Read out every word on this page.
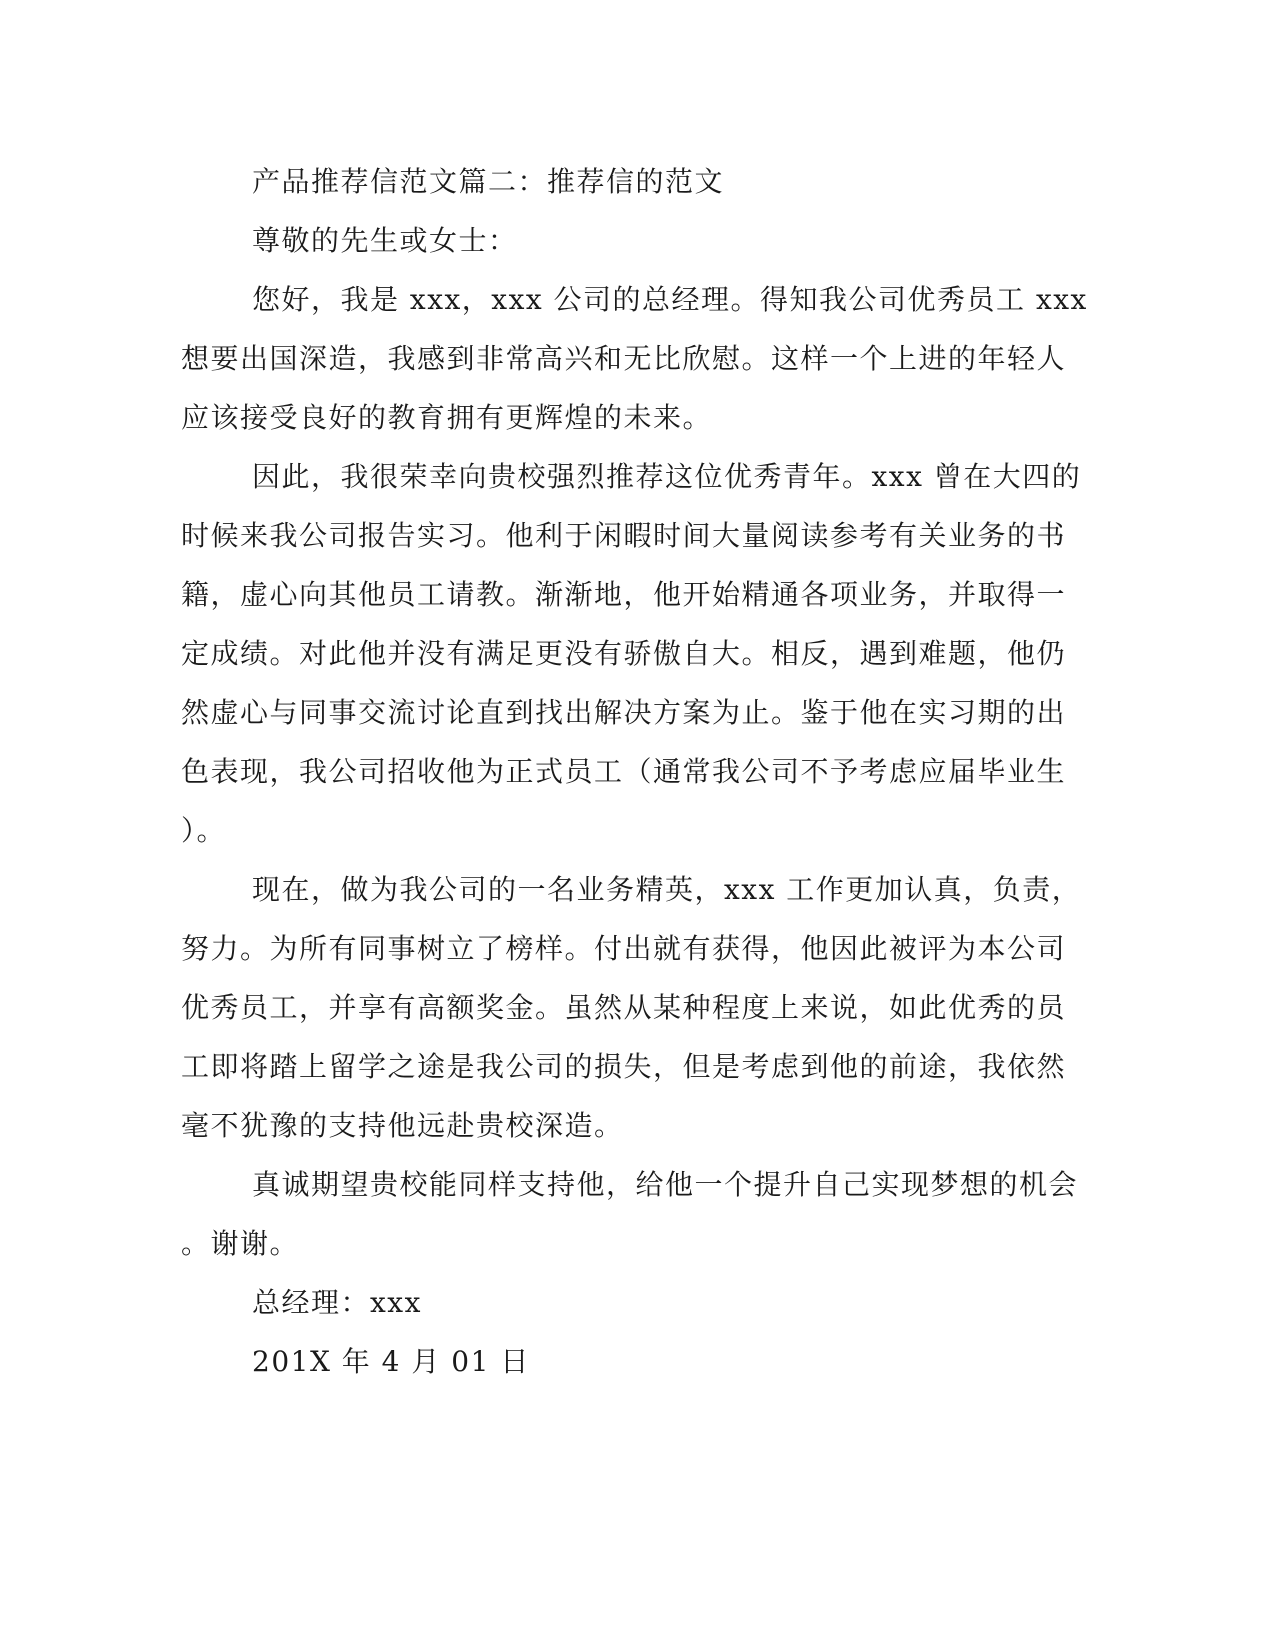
产品推荐信范文篇二：推荐信的范文
尊敬的先生或女士：
您好，我是 xxx，xxx 公司的总经理。得知我公司优秀员工 xxx
想要出国深造，我感到非常高兴和无比欣慰。这样一个上进的年轻人
应该接受良好的教育拥有更辉煌的未来。
因此，我很荣幸向贵校强烈推荐这位优秀青年。xxx 曾在大四的
时候来我公司报告实习。他利于闲暇时间大量阅读参考有关业务的书
籍，虚心向其他员工请教。渐渐地，他开始精通各项业务，并取得一
定成绩。对此他并没有满足更没有骄傲自大。相反，遇到难题，他仍
然虚心与同事交流讨论直到找出解决方案为止。鉴于他在实习期的出
色表现，我公司招收他为正式员工（通常我公司不予考虑应届毕业生
）。
现在，做为我公司的一名业务精英，xxx 工作更加认真，负责，
努力。为所有同事树立了榜样。付出就有获得，他因此被评为本公司
优秀员工，并享有高额奖金。虽然从某种程度上来说，如此优秀的员
工即将踏上留学之途是我公司的损失，但是考虑到他的前途，我依然
毫不犹豫的支持他远赴贵校深造。
真诚期望贵校能同样支持他，给他一个提升自己实现梦想的机会
。谢谢。
总经理：xxx
201X 年 4 月 01 日
